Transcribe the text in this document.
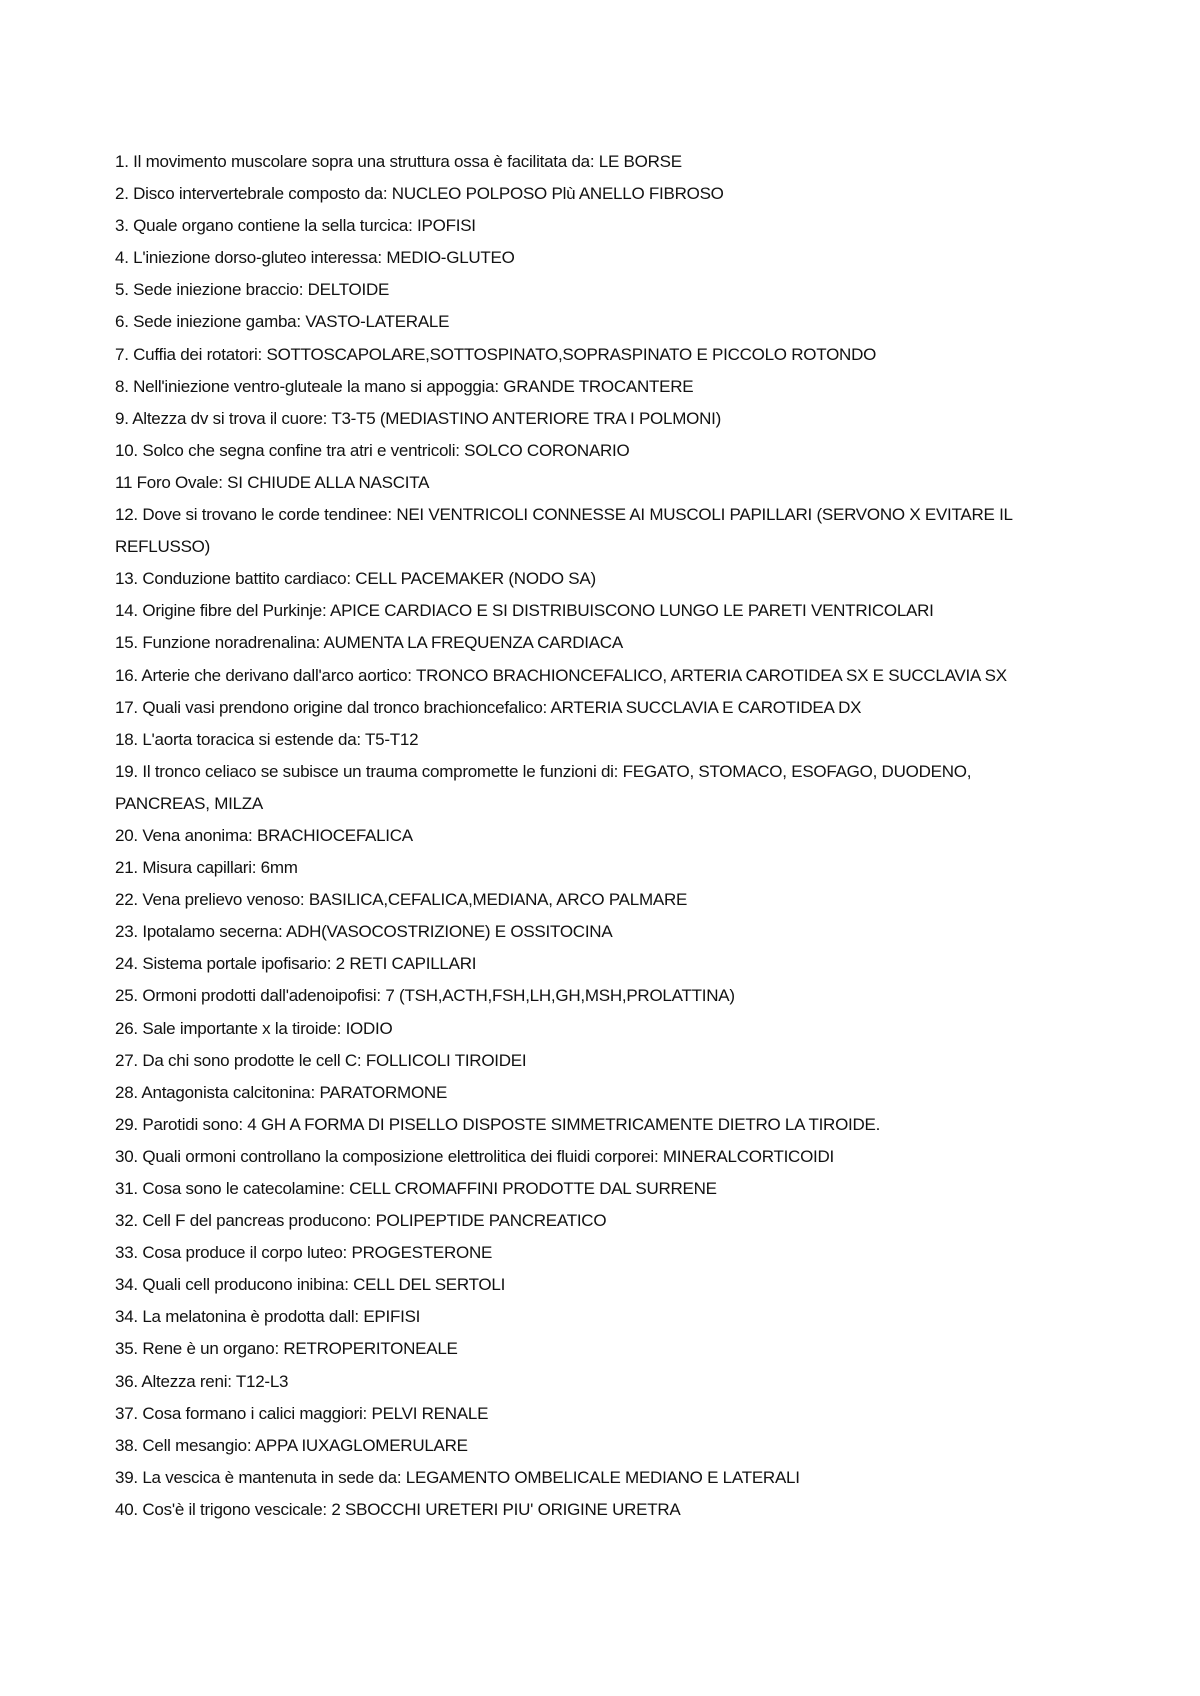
1. Il movimento muscolare sopra una struttura ossa è facilitata da: LE BORSE
2. Disco intervertebrale composto da: NUCLEO POLPOSO Plù ANELLO FIBROSO
3. Quale organo contiene la sella turcica: IPOFISI
4. L'iniezione dorso-gluteo interessa: MEDIO-GLUTEO
5. Sede iniezione braccio: DELTOIDE
6. Sede iniezione gamba: VASTO-LATERALE
7. Cuffia dei rotatori: SOTTOSCAPOLARE,SOTTOSPINATO,SOPRASPINATO E PICCOLO ROTONDO
8. Nell'iniezione ventro-gluteale la mano si appoggia: GRANDE TROCANTERE
9. Altezza dv si trova il cuore: T3-T5 (MEDIASTINO ANTERIORE TRA I POLMONI)
10. Solco che segna confine tra atri e ventricoli: SOLCO CORONARIO
11 Foro Ovale: SI CHIUDE ALLA NASCITA
12. Dove si trovano le corde tendinee: NEI VENTRICOLI CONNESSE AI MUSCOLI PAPILLARI (SERVONO X EVITARE IL REFLUSSO)
13. Conduzione battito cardiaco: CELL PACEMAKER (NODO SA)
14. Origine fibre del Purkinje: APICE CARDIACO E SI DISTRIBUISCONO LUNGO LE PARETI VENTRICOLARI
15. Funzione noradrenalina: AUMENTA LA FREQUENZA CARDIACA
16. Arterie che derivano dall'arco aortico: TRONCO BRACHIONCEFALICO, ARTERIA CAROTIDEA SX E SUCCLAVIA SX
17. Quali vasi prendono origine dal tronco brachioncefalico: ARTERIA SUCCLAVIA E CAROTIDEA DX
18. L'aorta toracica si estende da: T5-T12
19. Il tronco celiaco se subisce un trauma compromette le funzioni di: FEGATO, STOMACO, ESOFAGO, DUODENO, PANCREAS, MILZA
20. Vena anonima: BRACHIOCEFALICA
21. Misura capillari: 6mm
22. Vena prelievo venoso: BASILICA,CEFALICA,MEDIANA, ARCO PALMARE
23. Ipotalamo secerna: ADH(VASOCOSTRIZIONE) E OSSITOCINA
24. Sistema portale ipofisario: 2 RETI CAPILLARI
25. Ormoni prodotti dall'adenoipofisi: 7 (TSH,ACTH,FSH,LH,GH,MSH,PROLATTINA)
26. Sale importante x la tiroide: IODIO
27. Da chi sono prodotte le cell C: FOLLICOLI TIROIDEI
28. Antagonista calcitonina: PARATORMONE
29. Parotidi sono: 4 GH A FORMA DI PISELLO DISPOSTE SIMMETRICAMENTE DIETRO LA TIROIDE.
30. Quali ormoni controllano la composizione elettrolitica dei fluidi corporei: MINERALCORTICOIDI
31. Cosa sono le catecolamine: CELL CROMAFFINI PRODOTTE DAL SURRENE
32. Cell F del pancreas producono: POLIPEPTIDE PANCREATICO
33. Cosa produce il corpo luteo: PROGESTERONE
34. Quali cell producono inibina: CELL DEL SERTOLI
34. La melatonina è prodotta dall: EPIFISI
35. Rene è un organo: RETROPERITONEALE
36. Altezza reni: T12-L3
37. Cosa formano i calici maggiori: PELVI RENALE
38. Cell mesangio: APPA IUXAGLOMERULARE
39. La vescica è mantenuta in sede da: LEGAMENTO OMBELICALE MEDIANO E LATERALI
40. Cos'è il trigono vescicale: 2 SBOCCHI URETERI PIU' ORIGINE URETRA
